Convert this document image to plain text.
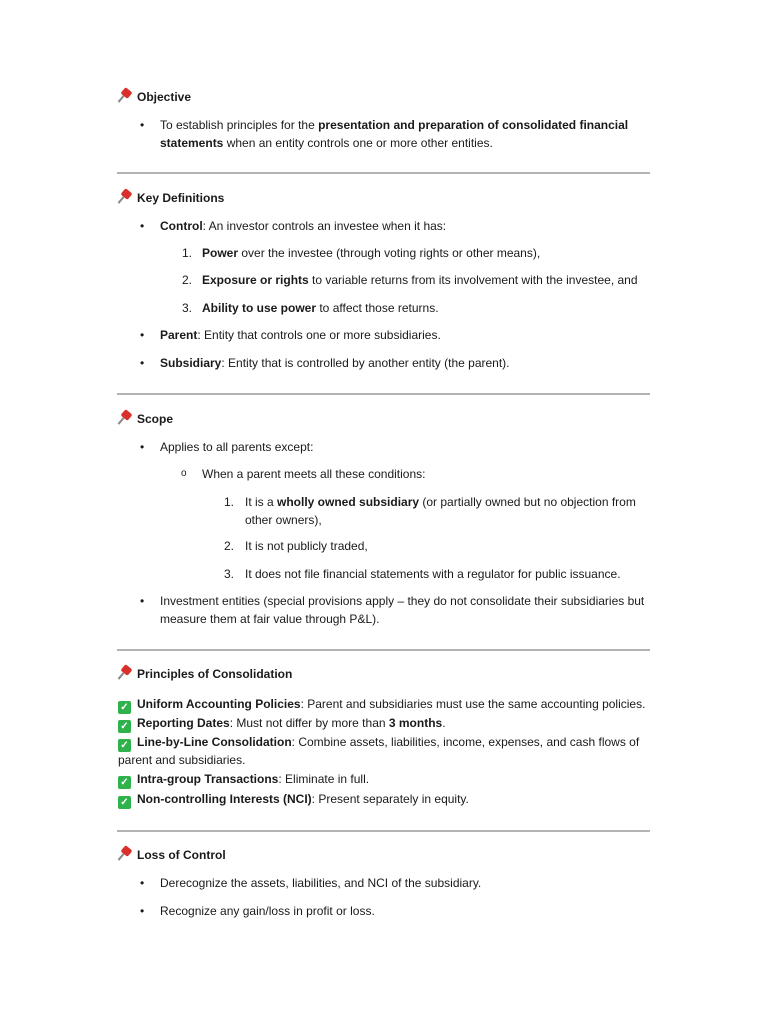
Objective
• To establish principles for the presentation and preparation of consolidated financial
statements when an entity controls one or more other entities.
Key Definitions
• Control: An investor controls an investee when it has:
1. Power over the investee (through voting rights or other means),
2. Exposure or rights to variable returns from its involvement with the investee, and
3. Ability to use power to affect those returns.
• Parent: Entity that controls one or more subsidiaries.
• Subsidiary: Entity that is controlled by another entity (the parent).
Scope
• Applies to all parents except:
o When a parent meets all these conditions:
1. It is a wholly owned subsidiary (or partially owned but no objection from
other owners),
2. It is not publicly traded,
3. It does not file financial statements with a regulator for public issuance.
• Investment entities (special provisions apply – they do not consolidate their subsidiaries but
measure them at fair value through P&L).
Principles of Consolidation
✓ Uniform Accounting Policies: Parent and subsidiaries must use the same accounting policies.
✓ Reporting Dates: Must not differ by more than 3 months.
✓ Line-by-Line Consolidation: Combine assets, liabilities, income, expenses, and cash flows of
parent and subsidiaries.
✓ Intra-group Transactions: Eliminate in full.
✓ Non-controlling Interests (NCI): Present separately in equity.
Loss of Control
• Derecognize the assets, liabilities, and NCI of the subsidiary.
• Recognize any gain/loss in profit or loss.
